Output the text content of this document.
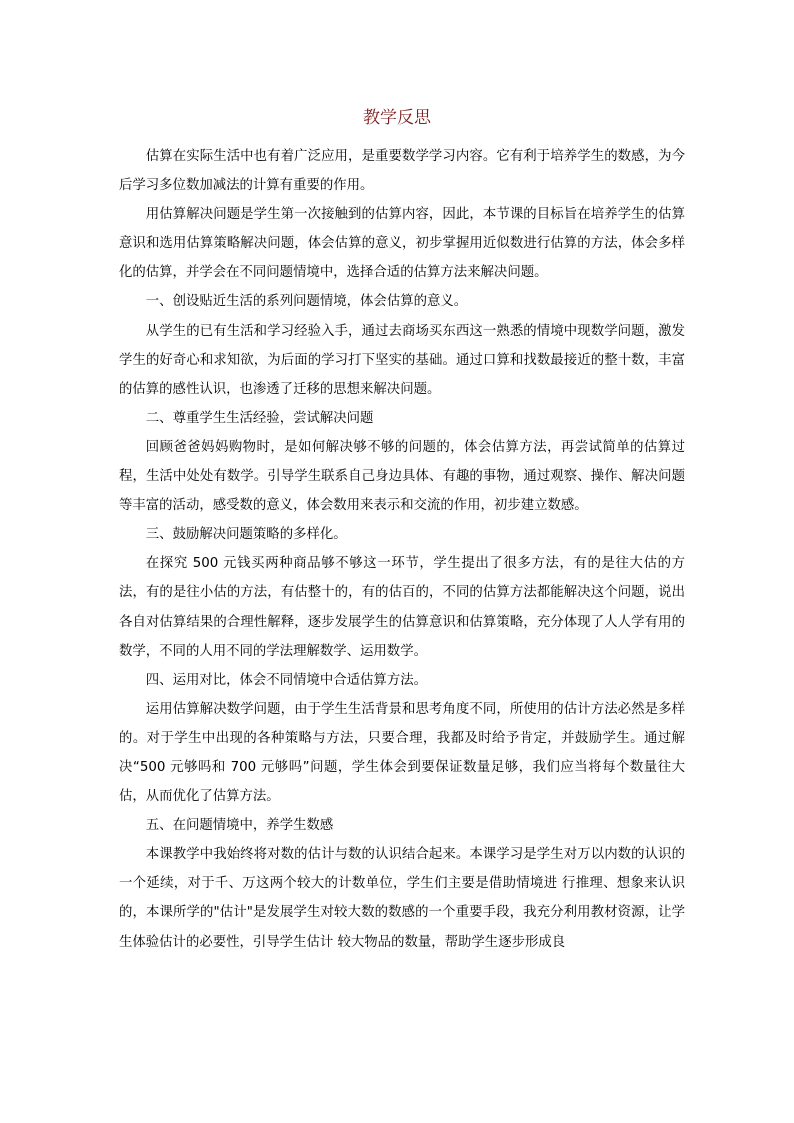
教学反思

估算在实际生活中也有着广泛应用，是重要数学学习内容。它有利于培养学生的数感，为今后学习多位数加减法的计算有重要的作用。

用估算解决问题是学生第一次接触到的估算内容，因此，本节课的目标旨在培养学生的估算意识和选用估算策略解决问题，体会估算的意义，初步掌握用近似数进行估算的方法，体会多样化的估算，并学会在不同问题情境中，选择合适的估算方法来解决问题。

一、创设贴近生活的系列问题情境，体会估算的意义。

从学生的已有生活和学习经验入手，通过去商场买东西这一熟悉的情境中现数学问题，激发学生的好奇心和求知欲，为后面的学习打下坚实的基础。通过口算和找数最接近的整十数，丰富的估算的感性认识，也渗透了迁移的思想来解决问题。

二、尊重学生生活经验，尝试解决问题

回顾爸爸妈妈购物时，是如何解决够不够的问题的，体会估算方法，再尝试简单的估算过程，生活中处处有数学。引导学生联系自己身边具体、有趣的事物，通过观察、操作、解决问题等丰富的活动，感受数的意义，体会数用来表示和交流的作用，初步建立数感。

三、鼓励解决问题策略的多样化。

在探究 500 元钱买两种商品够不够这一环节，学生提出了很多方法，有的是往大估的方法，有的是往小估的方法，有估整十的，有的估百的，不同的估算方法都能解决这个问题，说出各自对估算结果的合理性解释，逐步发展学生的估算意识和估算策略，充分体现了人人学有用的数学，不同的人用不同的学法理解数学、运用数学。

四、运用对比，体会不同情境中合适估算方法。

运用估算解决数学问题，由于学生生活背景和思考角度不同，所使用的估计方法必然是多样的。对于学生中出现的各种策略与方法，只要合理，我都及时给予肯定，并鼓励学生。通过解决“500 元够吗和 700 元够吗”问题，学生体会到要保证数量足够，我们应当将每个数量往大估，从而优化了估算方法。

五、在问题情境中，养学生数感

本课教学中我始终将对数的估计与数的认识结合起来。本课学习是学生对万以内数的认识的一个延续，对于千、万这两个较大的计数单位，学生们主要是借助情境进 行推理、想象来认识的，本课所学的"估计"是发展学生对较大数的数感的一个重要手段，我充分利用教材资源，让学生体验估计的必要性，引导学生估计 较大物品的数量，帮助学生逐步形成良
